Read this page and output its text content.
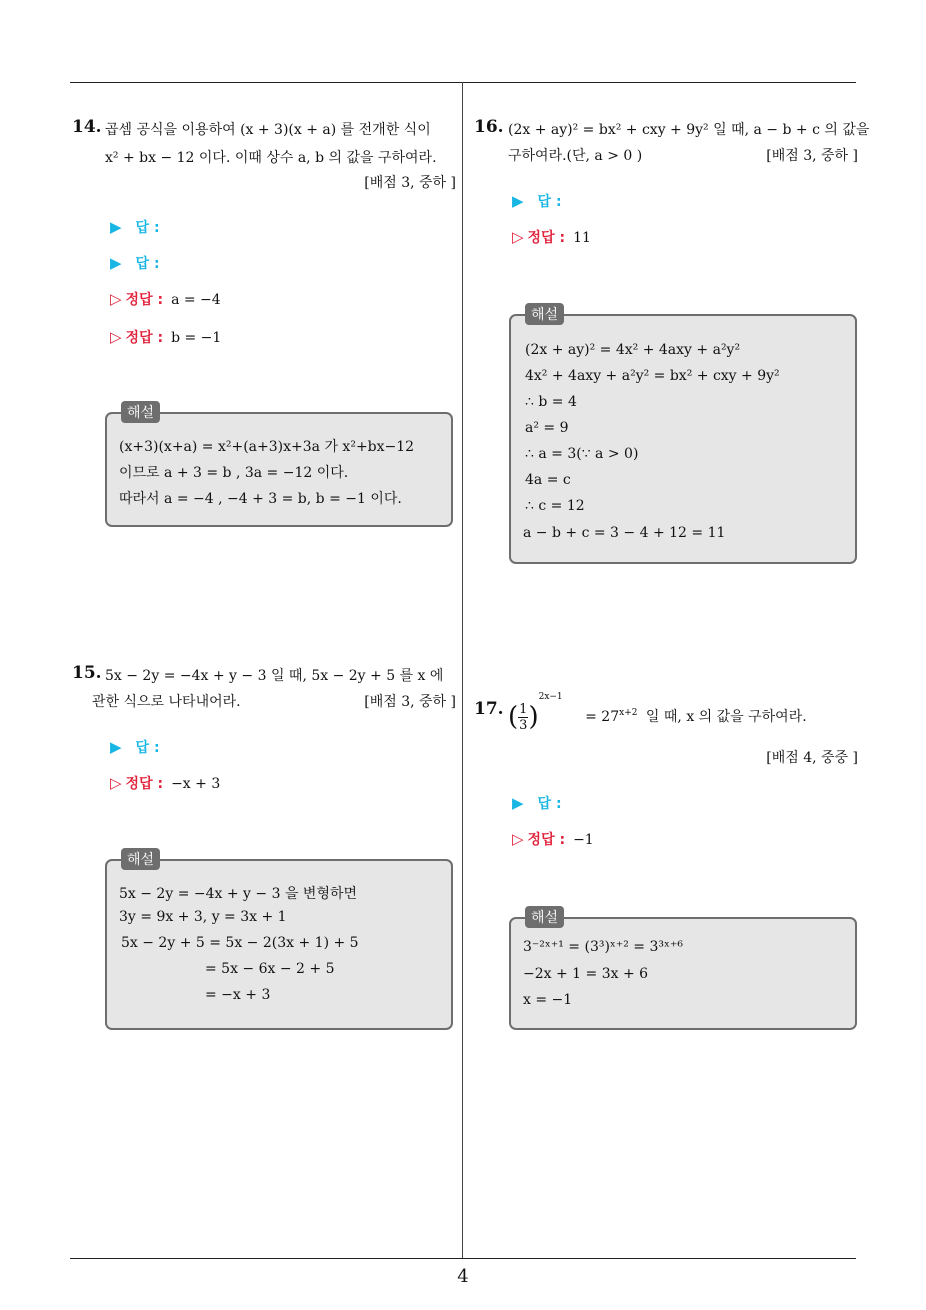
4
14. 곱셈 공식을 이용하여 (x + 3)(x + a) 를 전개한 식이
x² + bx − 12 이다. 이때 상수 a, b 의 값을 구하여라.
[배점 3, 중하 ]
▶ 답 :
▶ 답 :
▷ 정답 : a = −4
▷ 정답 : b = −1
해설
(x+3)(x+a) = x²+(a+3)x+3a 가 x²+bx−12
이므로 a + 3 = b , 3a = −12 이다.
따라서 a = −4 , −4 + 3 = b, b = −1 이다.
15. 5x − 2y = −4x + y − 3 일 때, 5x − 2y + 5 를 x 에
관한 식으로 나타내어라.	[배점 3, 중하 ]
▶ 답 :
▷ 정답 : −x + 3
해설
5x − 2y = −4x + y − 3 을 변형하면
3y = 9x + 3, y = 3x + 1
5x − 2y + 5 = 5x − 2(3x + 1) + 5
= 5x − 6x − 2 + 5
= −x + 3
16. (2x + ay)² = bx² + cxy + 9y² 일 때, a − b + c 의 값을
구하여라.(단, a > 0 )	[배점 3, 중하 ]
▶ 답 :
▷ 정답 : 11
해설
(2x + ay)² = 4x² + 4axy + a²y²
4x² + 4axy + a²y² = bx² + cxy + 9y²
∴ b = 4
a² = 9
∴ a = 3(∵ a > 0)
4a = c
∴ c = 12
a − b + c = 3 − 4 + 12 = 11
17. ( $\frac{1}{3} )^{2x-1} = 27^{x+2}$ 일 때, x 의 값을 구하여라.
[배점 4, 중중 ]
▶ 답 :
▷ 정답 : −1
해설
3⁻²ˣ⁺¹ = (3³)ˣ⁺² = 3³ˣ⁺⁶
−2x + 1 = 3x + 6
x = −1
